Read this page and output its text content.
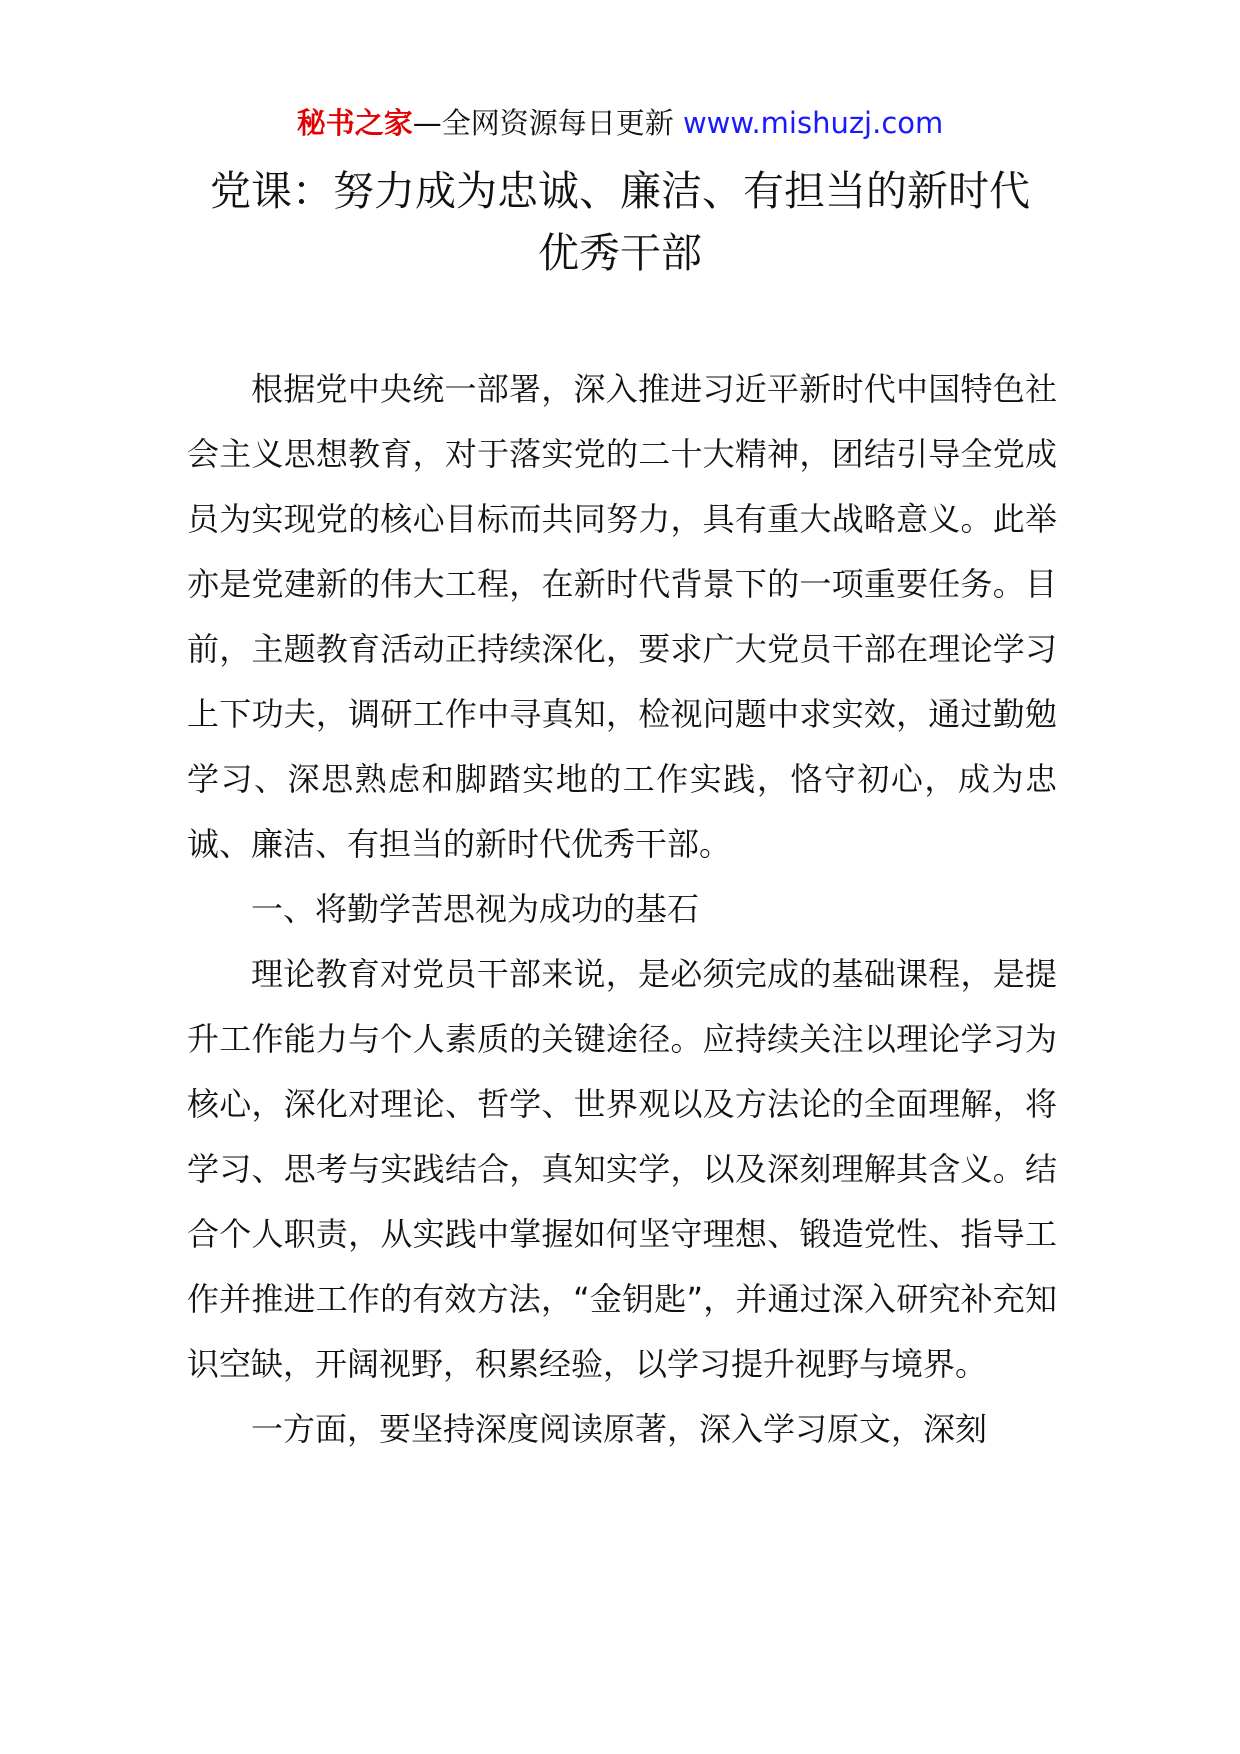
秘书之家—全网资源每日更新 www.mishuzj.com
党课：努力成为忠诚、廉洁、有担当的新时代
优秀干部

根据党中央统一部署，深入推进习近平新时代中国特色社会主义思想教育，对于落实党的二十大精神，团结引导全党成员为实现党的核心目标而共同努力，具有重大战略意义。此举亦是党建新的伟大工程，在新时代背景下的一项重要任务。目前，主题教育活动正持续深化，要求广大党员干部在理论学习上下功夫，调研工作中寻真知，检视问题中求实效，通过勤勉学习、深思熟虑和脚踏实地的工作实践，恪守初心，成为忠诚、廉洁、有担当的新时代优秀干部。

一、将勤学苦思视为成功的基石

理论教育对党员干部来说，是必须完成的基础课程，是提升工作能力与个人素质的关键途径。应持续关注以理论学习为核心，深化对理论、哲学、世界观以及方法论的全面理解，将学习、思考与实践结合，真知实学，以及深刻理解其含义。结合个人职责，从实践中掌握如何坚守理想、锻造党性、指导工作并推进工作的有效方法，“金钥匙”，并通过深入研究补充知识空缺，开阔视野，积累经验，以学习提升视野与境界。

一方面，要坚持深度阅读原著，深入学习原文，深刻
